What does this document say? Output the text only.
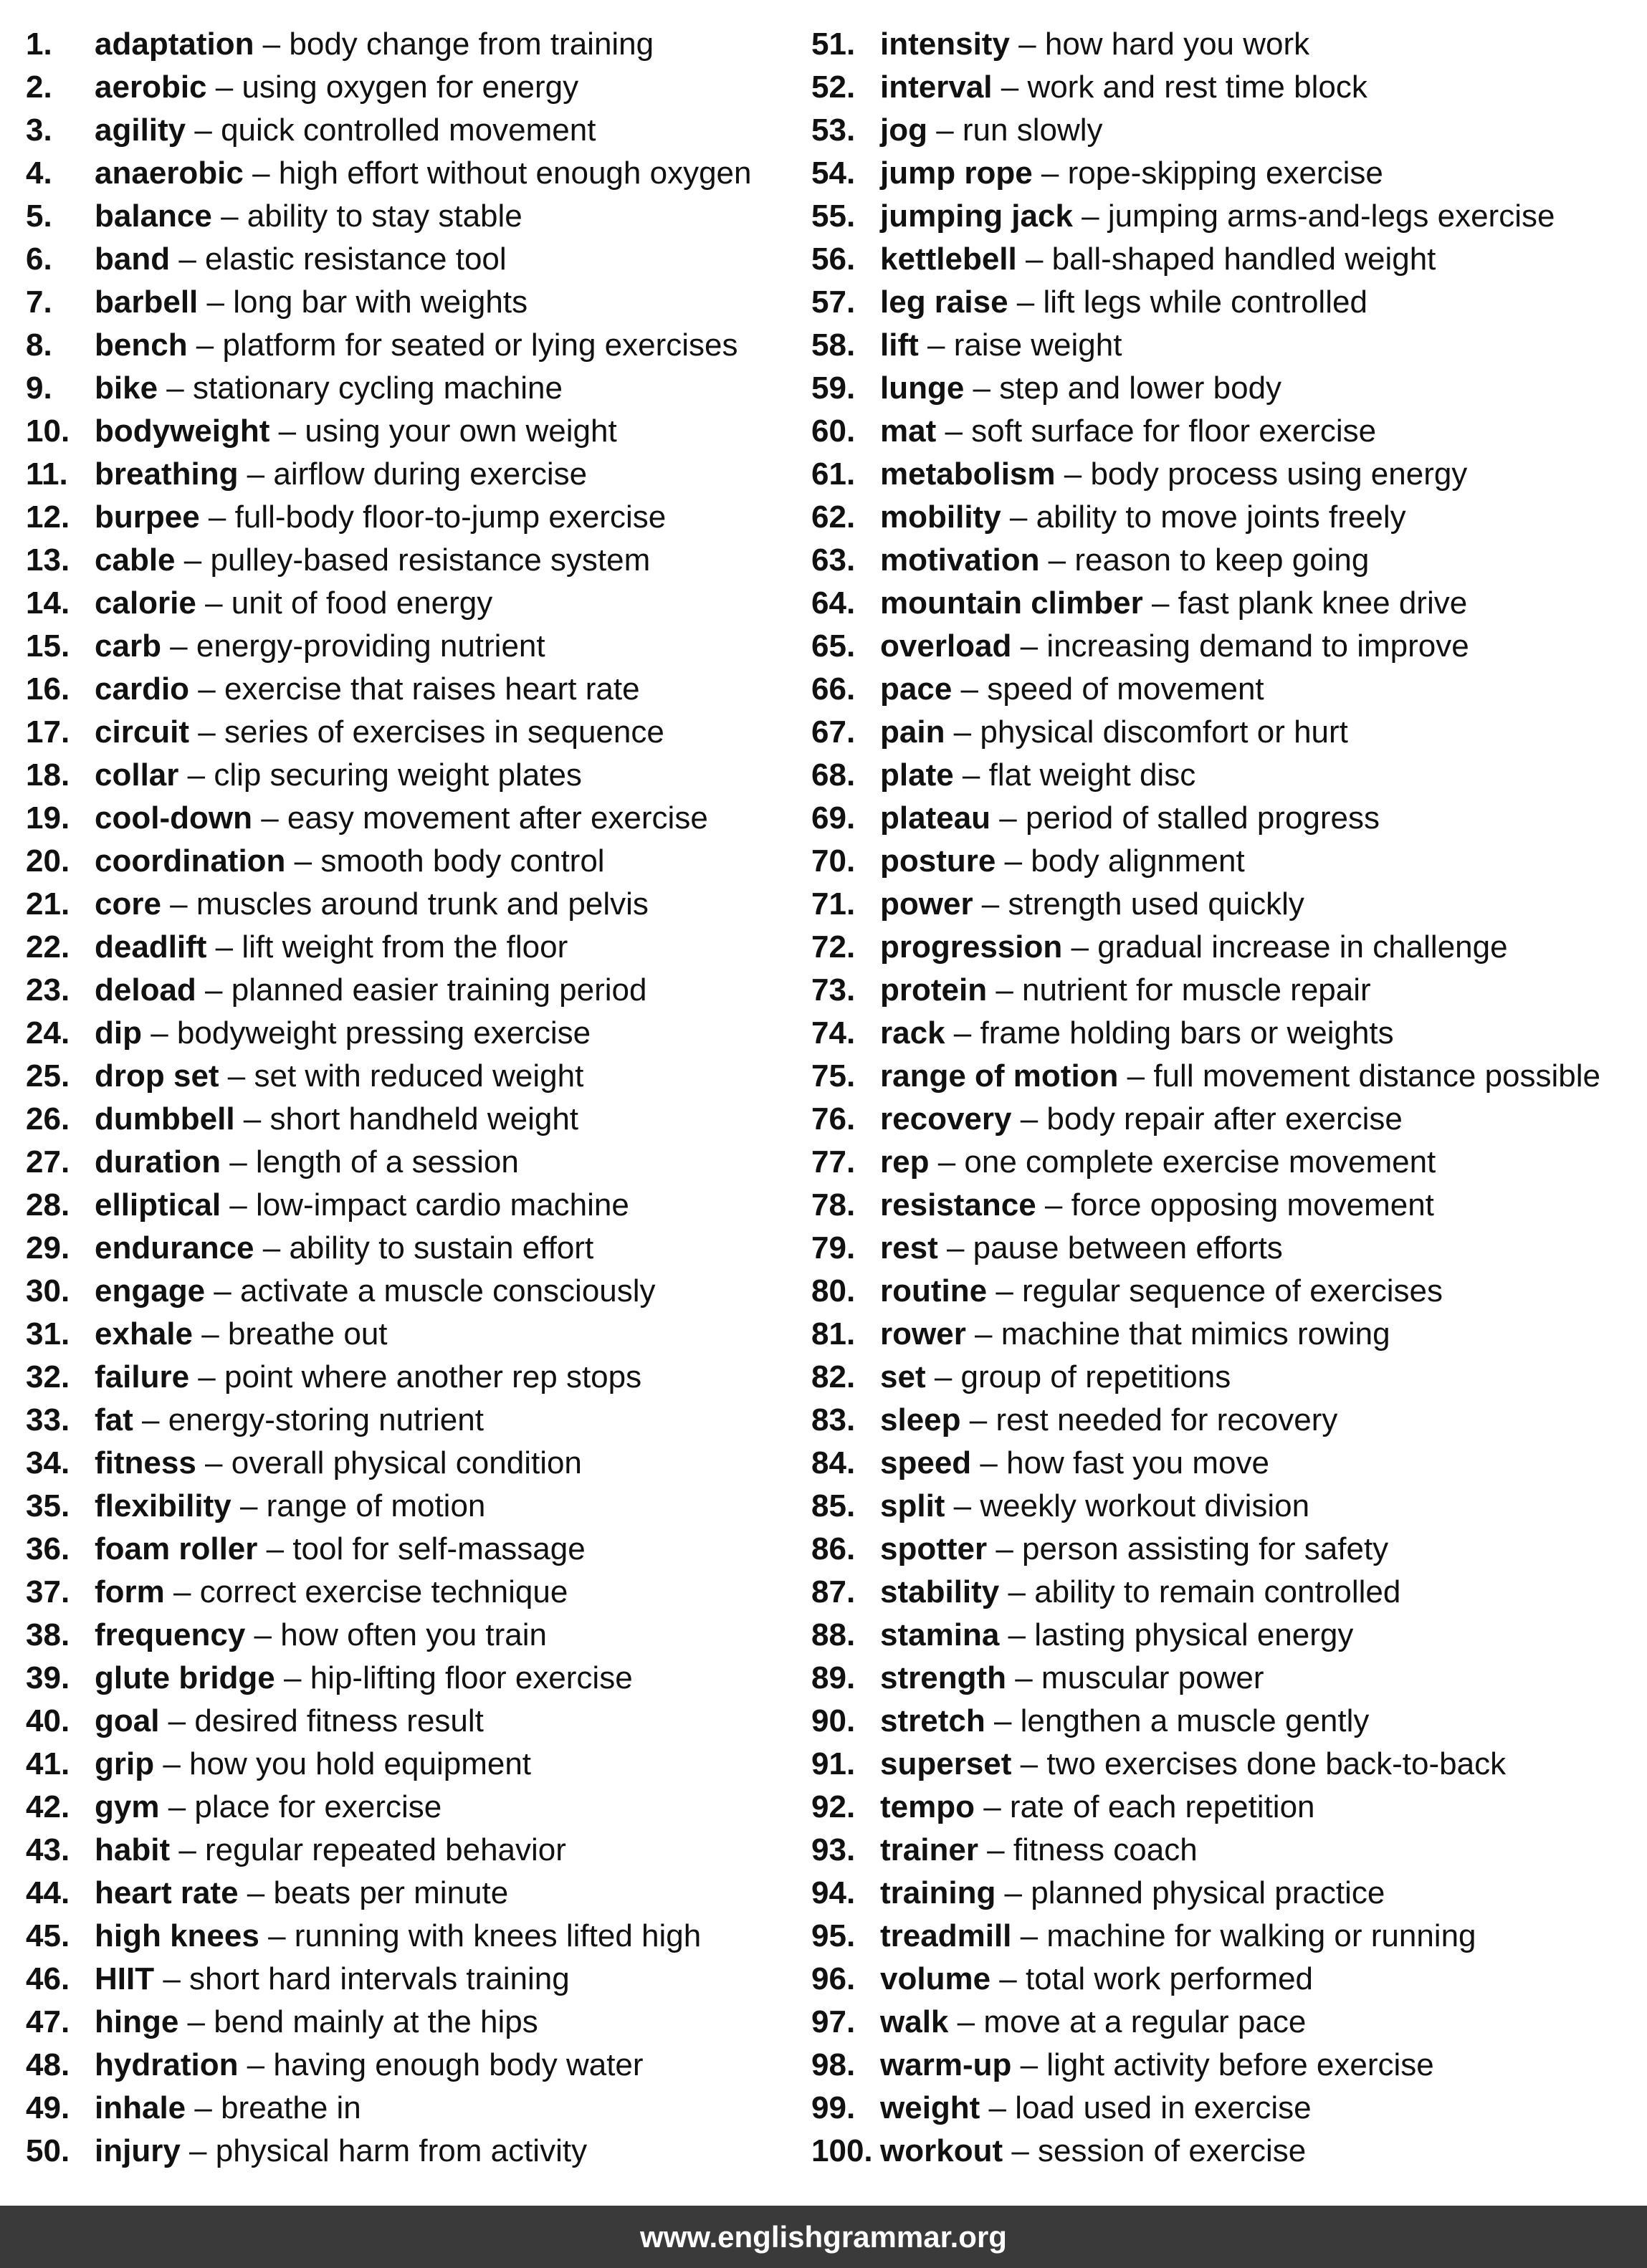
1. adaptation – body change from training
2. aerobic – using oxygen for energy
3. agility – quick controlled movement
4. anaerobic – high effort without enough oxygen
5. balance – ability to stay stable
6. band – elastic resistance tool
7. barbell – long bar with weights
8. bench – platform for seated or lying exercises
9. bike – stationary cycling machine
10. bodyweight – using your own weight
11. breathing – airflow during exercise
12. burpee – full-body floor-to-jump exercise
13. cable – pulley-based resistance system
14. calorie – unit of food energy
15. carb – energy-providing nutrient
16. cardio – exercise that raises heart rate
17. circuit – series of exercises in sequence
18. collar – clip securing weight plates
19. cool-down – easy movement after exercise
20. coordination – smooth body control
21. core – muscles around trunk and pelvis
22. deadlift – lift weight from the floor
23. deload – planned easier training period
24. dip – bodyweight pressing exercise
25. drop set – set with reduced weight
26. dumbbell – short handheld weight
27. duration – length of a session
28. elliptical – low-impact cardio machine
29. endurance – ability to sustain effort
30. engage – activate a muscle consciously
31. exhale – breathe out
32. failure – point where another rep stops
33. fat – energy-storing nutrient
34. fitness – overall physical condition
35. flexibility – range of motion
36. foam roller – tool for self-massage
37. form – correct exercise technique
38. frequency – how often you train
39. glute bridge – hip-lifting floor exercise
40. goal – desired fitness result
41. grip – how you hold equipment
42. gym – place for exercise
43. habit – regular repeated behavior
44. heart rate – beats per minute
45. high knees – running with knees lifted high
46. HIIT – short hard intervals training
47. hinge – bend mainly at the hips
48. hydration – having enough body water
49. inhale – breathe in
50. injury – physical harm from activity
51. intensity – how hard you work
52. interval – work and rest time block
53. jog – run slowly
54. jump rope – rope-skipping exercise
55. jumping jack – jumping arms-and-legs exercise
56. kettlebell – ball-shaped handled weight
57. leg raise – lift legs while controlled
58. lift – raise weight
59. lunge – step and lower body
60. mat – soft surface for floor exercise
61. metabolism – body process using energy
62. mobility – ability to move joints freely
63. motivation – reason to keep going
64. mountain climber – fast plank knee drive
65. overload – increasing demand to improve
66. pace – speed of movement
67. pain – physical discomfort or hurt
68. plate – flat weight disc
69. plateau – period of stalled progress
70. posture – body alignment
71. power – strength used quickly
72. progression – gradual increase in challenge
73. protein – nutrient for muscle repair
74. rack – frame holding bars or weights
75. range of motion – full movement distance possible
76. recovery – body repair after exercise
77. rep – one complete exercise movement
78. resistance – force opposing movement
79. rest – pause between efforts
80. routine – regular sequence of exercises
81. rower – machine that mimics rowing
82. set – group of repetitions
83. sleep – rest needed for recovery
84. speed – how fast you move
85. split – weekly workout division
86. spotter – person assisting for safety
87. stability – ability to remain controlled
88. stamina – lasting physical energy
89. strength – muscular power
90. stretch – lengthen a muscle gently
91. superset – two exercises done back-to-back
92. tempo – rate of each repetition
93. trainer – fitness coach
94. training – planned physical practice
95. treadmill – machine for walking or running
96. volume – total work performed
97. walk – move at a regular pace
98. warm-up – light activity before exercise
99. weight – load used in exercise
100. workout – session of exercise
www.englishgrammar.org
